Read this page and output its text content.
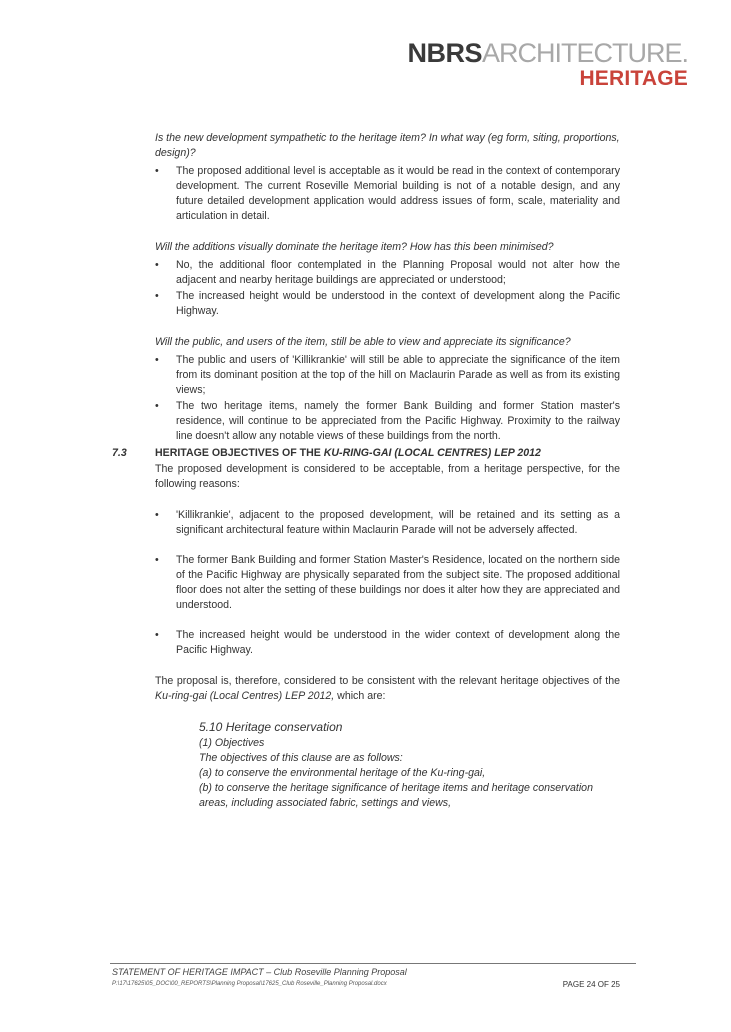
NBRSARCHITECTURE.
HERITAGE

Is the new development sympathetic to the heritage item? In what way (eg form, siting, proportions, design)?

• The proposed additional level is acceptable as it would be read in the context of contemporary development. The current Roseville Memorial building is not of a notable design, and any future detailed development application would address issues of form, scale, materiality and articulation in detail.

Will the additions visually dominate the heritage item? How has this been minimised?

• No, the additional floor contemplated in the Planning Proposal would not alter how the adjacent and nearby heritage buildings are appreciated or understood;
• The increased height would be understood in the context of development along the Pacific Highway.

Will the public, and users of the item, still be able to view and appreciate its significance?

• The public and users of 'Killikrankie' will still be able to appreciate the significance of the item from its dominant position at the top of the hill on Maclaurin Parade as well as from its existing views;
• The two heritage items, namely the former Bank Building and former Station master's residence, will continue to be appreciated from the Pacific Highway. Proximity to the railway line doesn't allow any notable views of these buildings from the north.
7.3	HERITAGE OBJECTIVES OF THE KU-RING-GAI (LOCAL CENTRES) LEP 2012

The proposed development is considered to be acceptable, from a heritage perspective, for the following reasons:

• 'Killikrankie', adjacent to the proposed development, will be retained and its setting as a significant architectural feature within Maclaurin Parade will not be adversely affected.
• The former Bank Building and former Station Master's Residence, located on the northern side of the Pacific Highway are physically separated from the subject site. The proposed additional floor does not alter the setting of these buildings nor does it alter how they are appreciated and understood.
• The increased height would be understood in the wider context of development along the Pacific Highway.

The proposal is, therefore, considered to be consistent with the relevant heritage objectives of the Ku-ring-gai (Local Centres) LEP 2012, which are:

5.10 Heritage conservation
(1) Objectives
The objectives of this clause are as follows:
(a) to conserve the environmental heritage of the Ku-ring-gai,
(b) to conserve the heritage significance of heritage items and heritage conservation areas, including associated fabric, settings and views,
STATEMENT OF HERITAGE IMPACT – Club Roseville Planning Proposal
P:\17\17625\05_DOC\00_REPORTS\Planning Proposal\17625_Club Roseville_Planning Proposal.docx	PAGE 24 OF 25
